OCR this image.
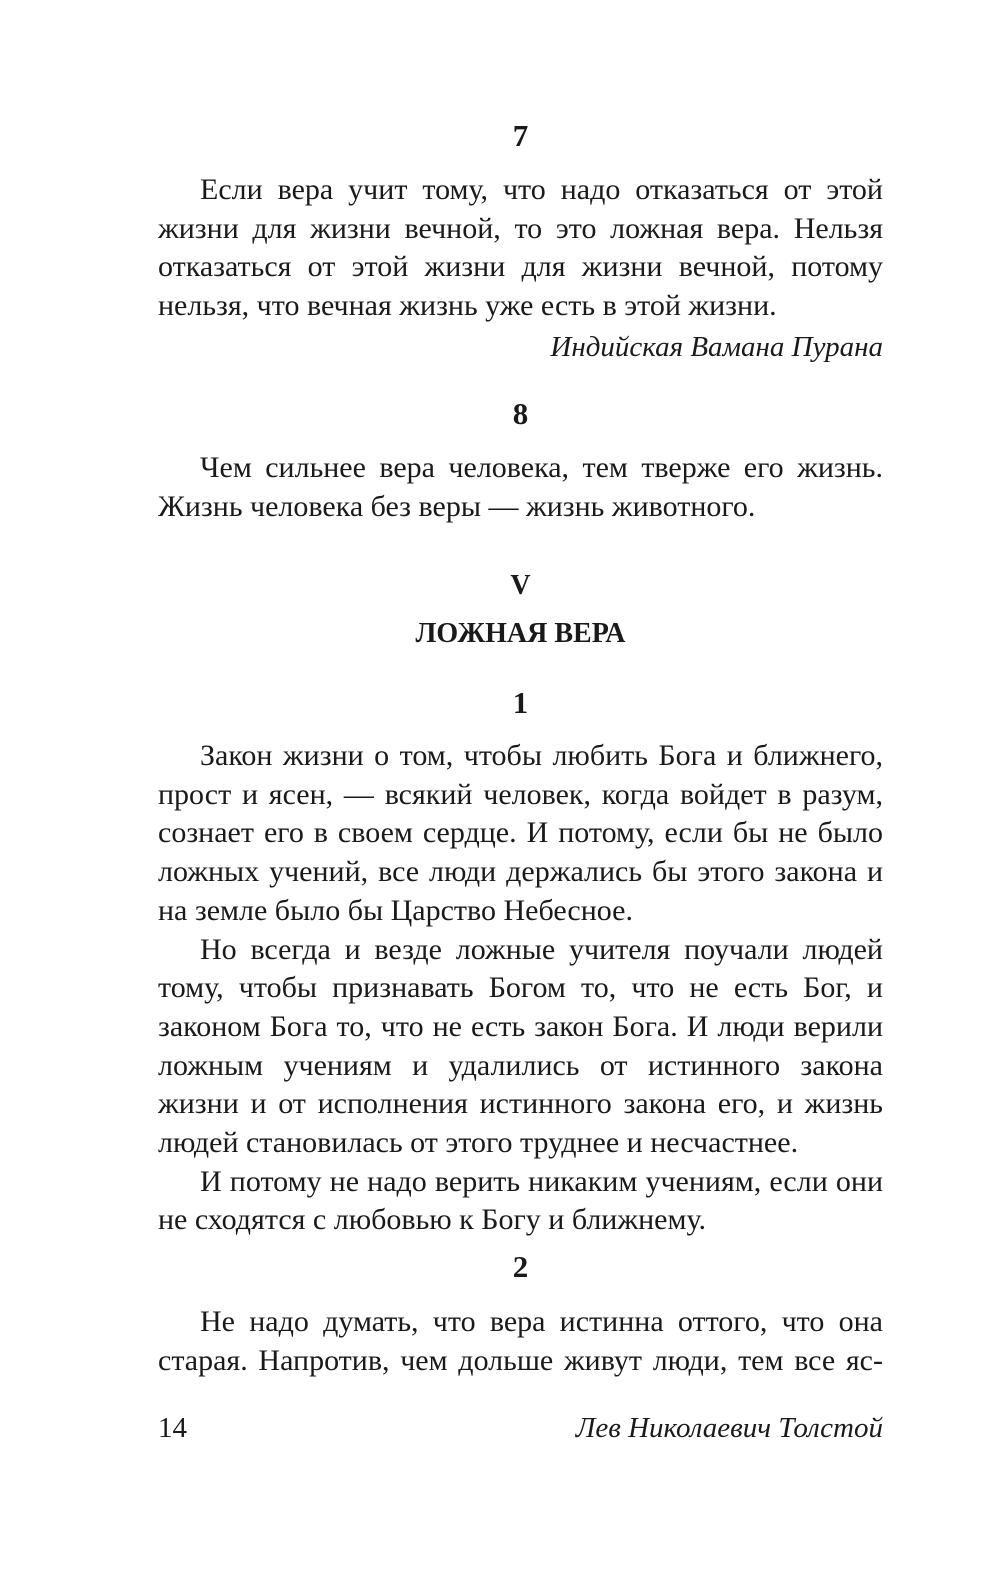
7

Если вера учит тому, что надо отказаться от этой жизни для жизни вечной, то это ложная вера. Нельзя отказаться от этой жизни для жизни вечной, потому нельзя, что вечная жизнь уже есть в этой жизни.

Индийская Вамана Пурана
8

Чем сильнее вера человека, тем тверже его жизнь. Жизнь человека без веры — жизнь животного.

V
ЛОЖНАЯ ВЕРА
1

Закон жизни о том, чтобы любить Бога и ближнего, прост и ясен, — всякий человек, когда войдет в разум, сознает его в своем сердце. И потому, если бы не было ложных учений, все люди держались бы этого закона и на земле было бы Царство Небесное.

Но всегда и везде ложные учителя поучали людей тому, чтобы признавать Богом то, что не есть Бог, и законом Бога то, что не есть закон Бога. И люди верили ложным учениям и удалились от истинного закона жизни и от исполнения истинного закона его, и жизнь людей становилась от этого труднее и несчастнее.

И потому не надо верить никаким учениям, если они не сходятся с любовью к Богу и ближнему.

2

Не надо думать, что вера истинна оттого, что она старая. Напротив, чем дольше живут люди, тем все яс-

14	Лев Николаевич Толстой
